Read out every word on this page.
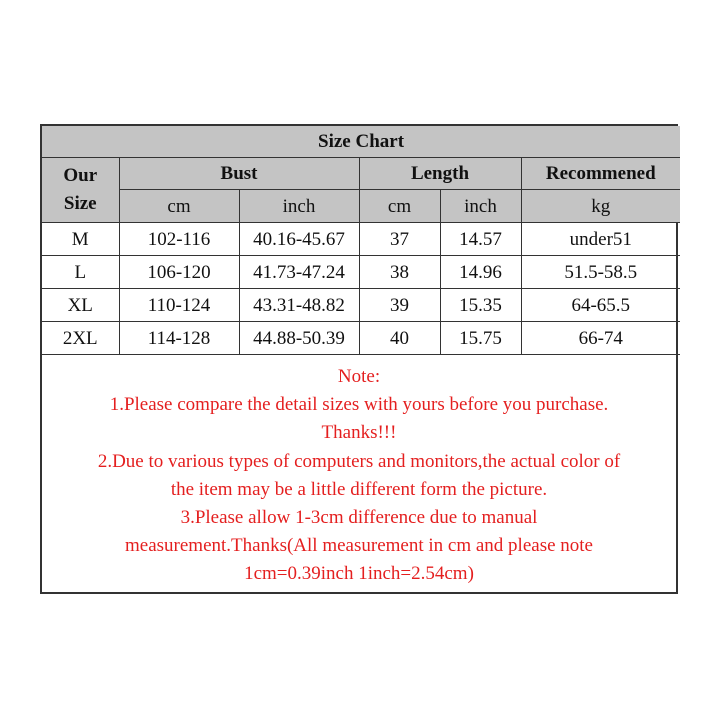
Size Chart					

Our
Size	Bust		Length		Recommened
	cm	inch	cm	inch	kg
M	102-116	40.16-45.67	37	14.57	under51
L	106-120	41.73-47.24	38	14.96	51.5-58.5
XL	110-124	43.31-48.82	39	15.35	64-65.5
2XL	114-128	44.88-50.39	40	15.75	66-74
Note:
1.Please compare the detail sizes with yours before you purchase.
Thanks!!!
2.Due to various types of computers and monitors,the actual color of
the item may be a little different form the picture.
3.Please allow 1-3cm difference due to manual
measurement.Thanks(All measurement in cm and please note
1cm=0.39inch 1inch=2.54cm)
